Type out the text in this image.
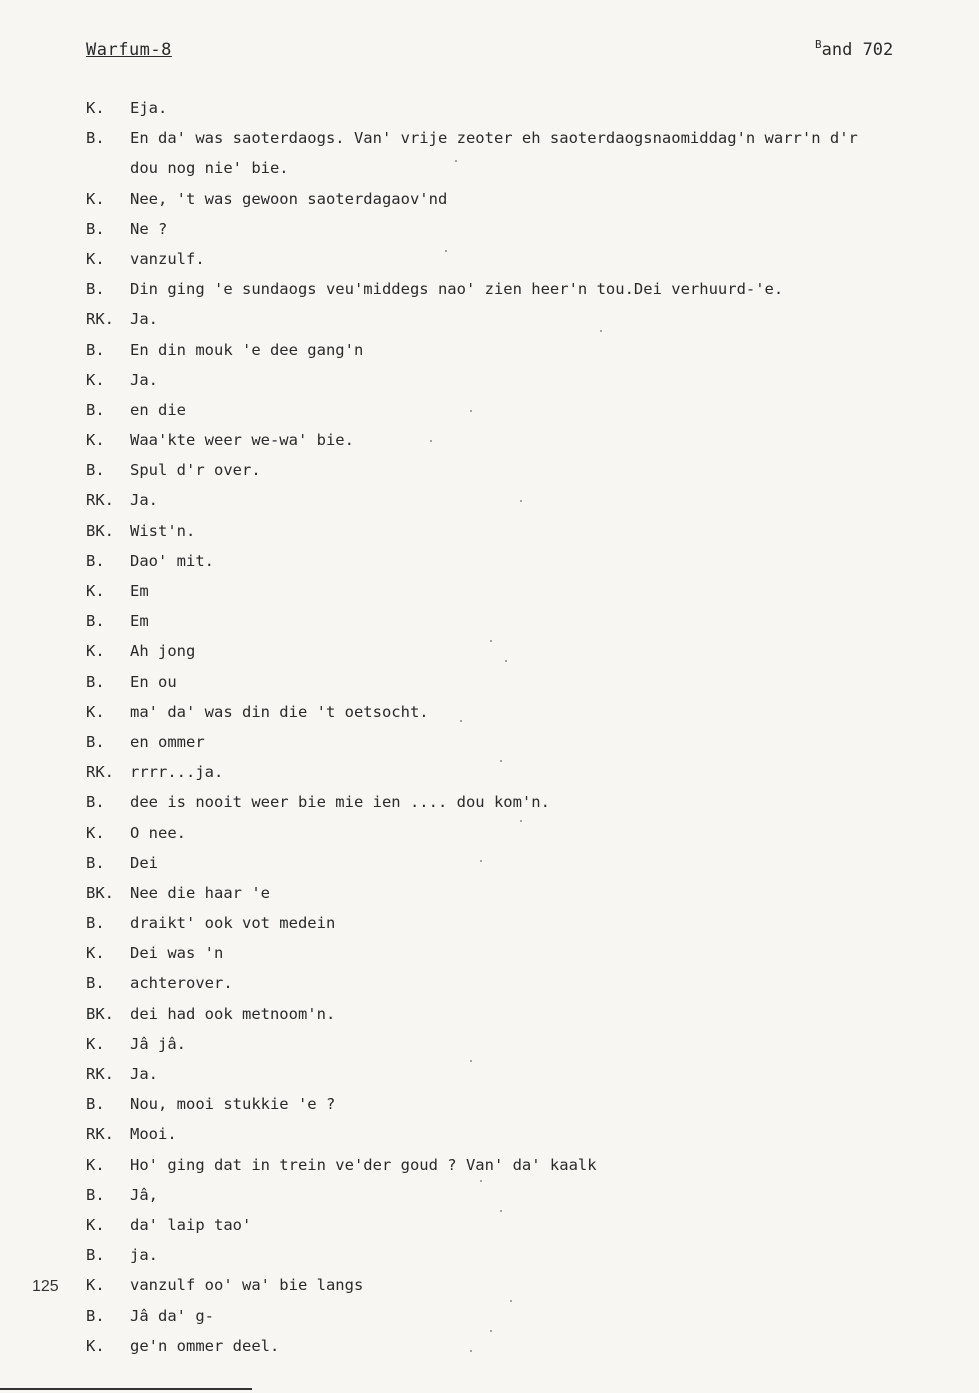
Warfum-8	$^B$and 702
K.	Eja.
B.	En da' was saoterdaogs. Van' vrije zeoter eh saoterdaogsnaomiddag'n warr'n d'r
dou nog nie' bie.
K.	Nee, 't was gewoon saoterdagaov'nd
B.	Ne ?
K.	vanzulf.
B.	Din ging 'e sundaogs veu'middegs nao' zien heer'n tou.Dei verhuurd-'e.
RK.	Ja.
B.	En din mouk 'e dee gang'n
K.	Ja.
B.	en die
K.	Waa'kte weer we-wa' bie.
B.	Spul d'r over.
RK.	Ja.
BK.	Wist'n.
B.	Dao' mit.
K.	Em
B.	Em
K.	Ah jong
B.	En ou
K.	ma' da' was din die 't oetsocht.
B.	en ommer
RK.	rrrr...ja.
B.	dee is nooit weer bie mie ien .... dou kom'n.
K.	O nee.
B.	Dei
BK.	Nee die haar 'e
B.	draikt' ook vot medein
K.	Dei was 'n
B.	achterover.
BK.	dei had ook metnoom'n.
K.	Jâ jâ.
RK.	Ja.
B.	Nou, mooi stukkie 'e ?
RK.	Mooi.
K.	Ho' ging dat in trein ve'der goud ? Van' da' kaalk
B.	Jâ,
K.	da' laip tao'
B.	ja.
K.	vanzulf oo' wa' bie langs
B.	Jâ da' g-
K.	ge'n ommer deel.
125
